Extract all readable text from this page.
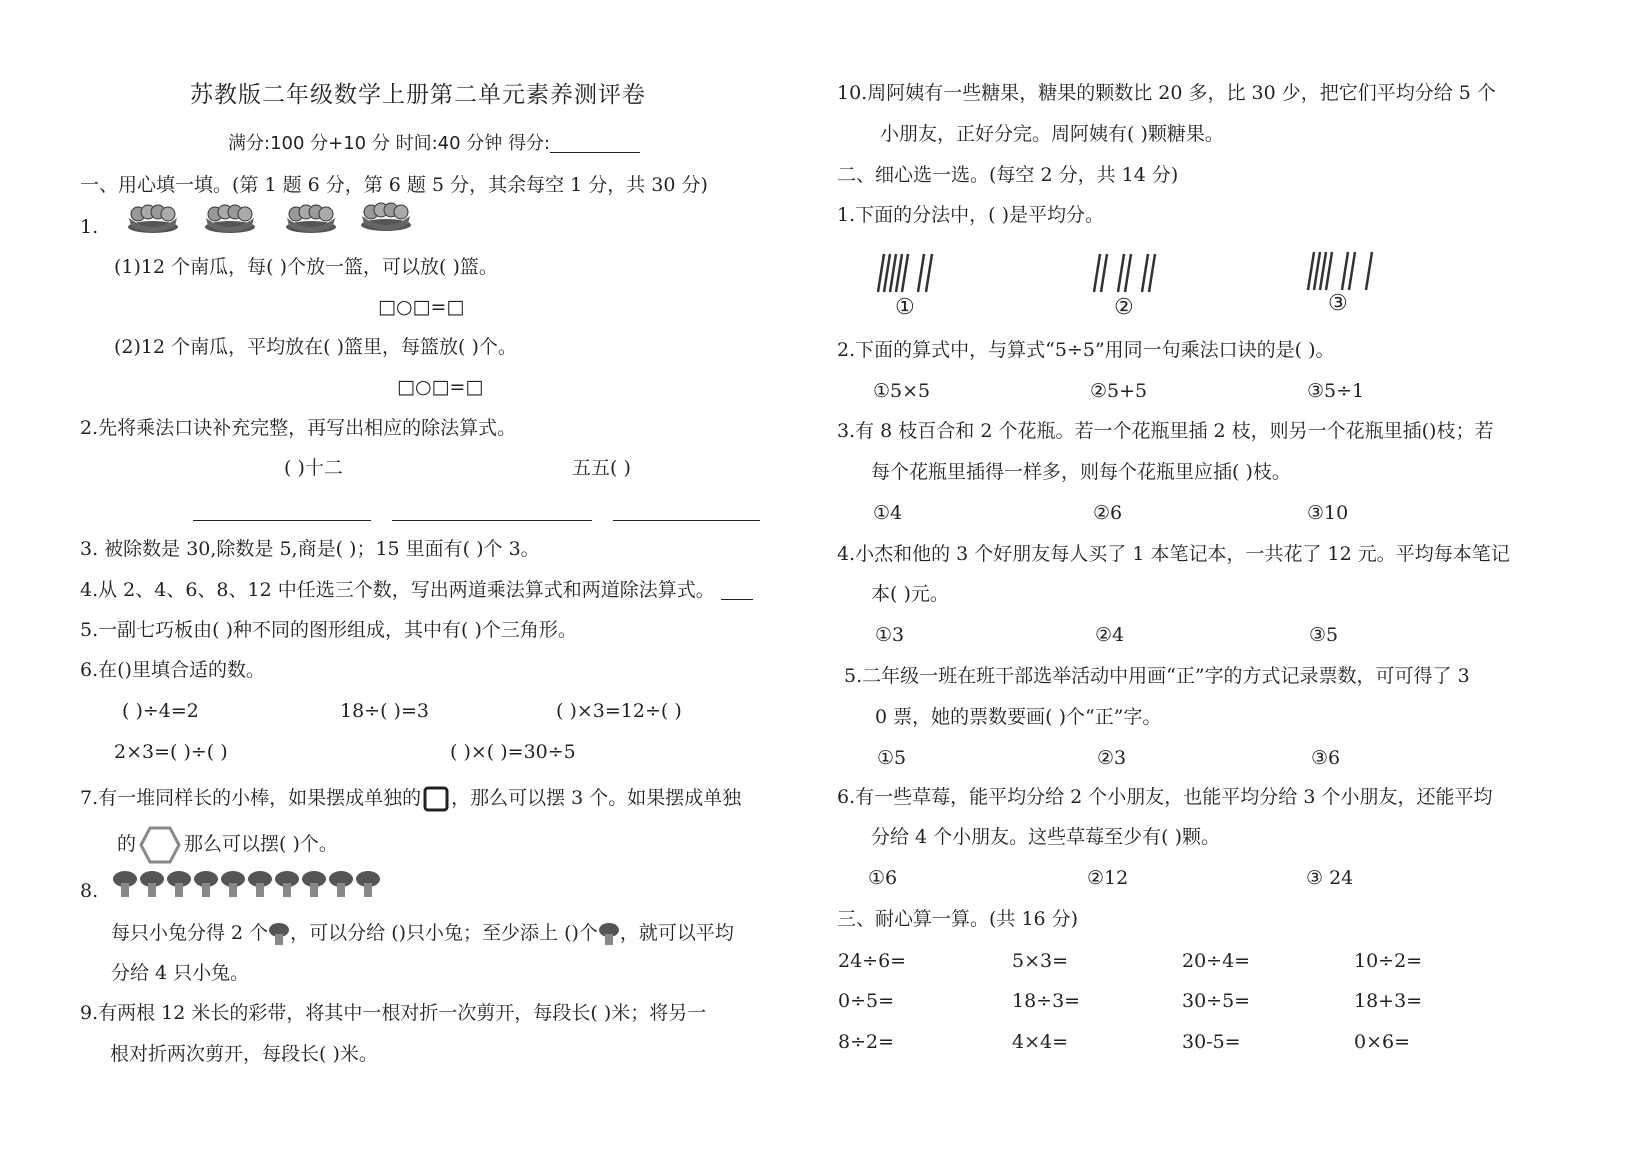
苏教版二年级数学上册第二单元素养测评卷
满分:100 分+10 分 时间:40 分钟 得分:
一、用心填一填。(第 1 题 6 分，第 6 题 5 分，其余每空 1 分，共 30 分)
1.
(1)12 个南瓜，每( )个放一篮，可以放( )篮。
□○□=□
(2)12 个南瓜，平均放在( )篮里，每篮放( )个。
□○□=□
2.先将乘法口诀补充完整，再写出相应的除法算式。
( )十二	五五( )
3. 被除数是 30,除数是 5,商是( )；15 里面有( )个 3。
4.从 2、4、6、8、12 中任选三个数，写出两道乘法算式和两道除法算式。
5.一副七巧板由( )种不同的图形组成，其中有( )个三角形。
6.在()里填合适的数。
( )÷4=2	18÷( )=3	( )×3=12÷( )
2×3=( )÷( )	( )×( )=30÷5
7.有一堆同样长的小棒，如果摆成单独的 ，那么可以摆 3 个。如果摆成单独
的	那么可以摆( )个。
8.
每只小兔分得 2 个 ，可以分给 ()只小兔；至少添上 ()个 ，就可以平均
分给 4 只小兔。
9.有两根 12 米长的彩带，将其中一根对折一次剪开，每段长( )米；将另一
根对折两次剪开，每段长( )米。
10.周阿姨有一些糖果，糖果的颗数比 20 多，比 30 少，把它们平均分给 5 个
小朋友，正好分完。周阿姨有( )颗糖果。
二、细心选一选。(每空 2 分，共 14 分)
1.下面的分法中，( )是平均分。
①	②	③
2.下面的算式中，与算式“5÷5”用同一句乘法口诀的是( )。
①5×5	②5+5	③5÷1
3.有 8 枝百合和 2 个花瓶。若一个花瓶里插 2 枝，则另一个花瓶里插()枝；若
每个花瓶里插得一样多，则每个花瓶里应插( )枝。
①4	②6	③10
4.小杰和他的 3 个好朋友每人买了 1 本笔记本，一共花了 12 元。平均每本笔记
本( )元。
①3	②4	③5
5.二年级一班在班干部选举活动中用画“正”字的方式记录票数，可可得了 3
0 票，她的票数要画( )个“正”字。
①5	②3	③6
6.有一些草莓，能平均分给 2 个小朋友，也能平均分给 3 个小朋友，还能平均
分给 4 个小朋友。这些草莓至少有( )颗。
①6	②12	③ 24
三、耐心算一算。(共 16 分)
24÷6=	5×3=	20÷4=	10÷2=
0÷5=	18÷3=	30÷5=	18+3=
8÷2=	4×4=	30-5=	0×6=
